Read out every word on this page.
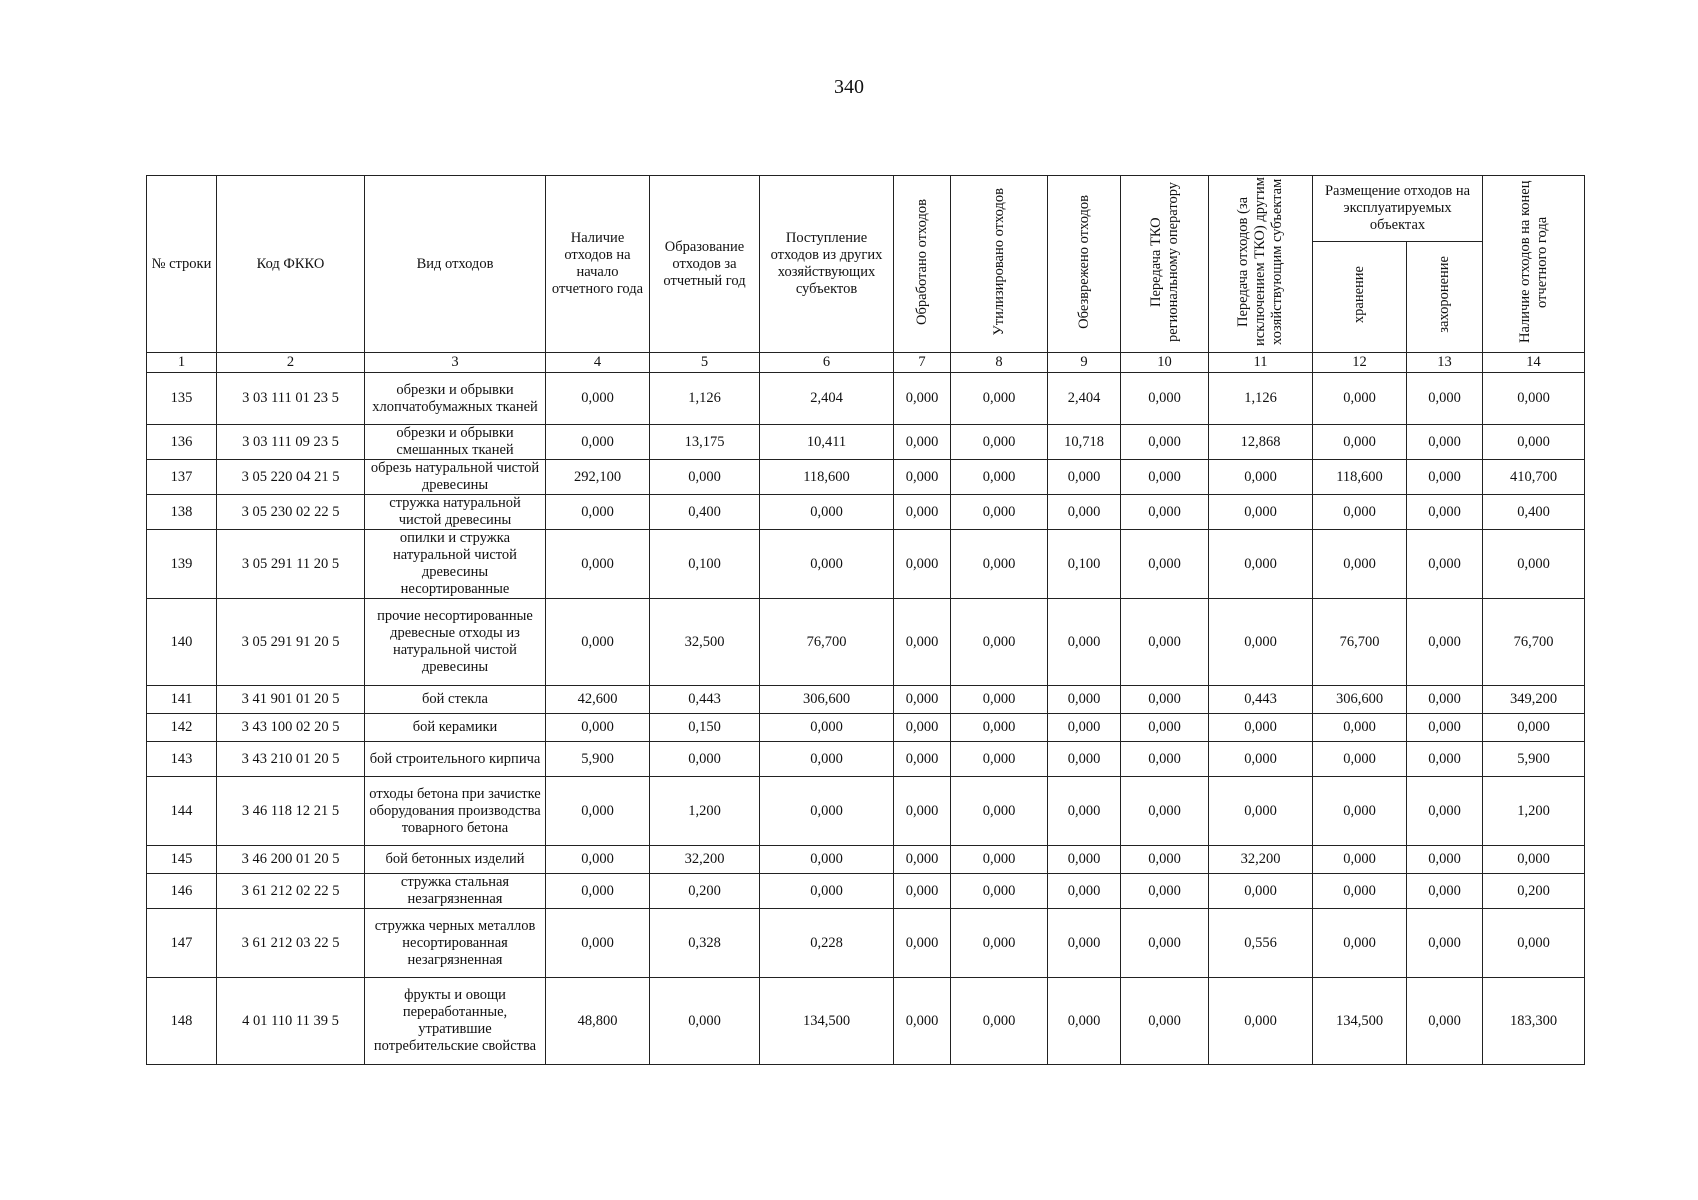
340
№ строки	Код ФККО	Вид отходов	Наличие отходов на начало отчетного года	Образование отходов за отчетный год	Поступление отходов из других хозяйствующих субъектов	Обработано отходов	Утилизировано отходов	Обезврежено отходов	Передача ТКО региональному оператору	Передача отходов (за исключением ТКО) другим хозяйствующим субъектам	Размещение отходов на эксплуатируемых объектах		Наличие отходов на конец отчетного года
											хранение	захоронение	
1	2	3	4	5	6	7	8	9	10	11	12	13	14
135	3 03 111 01 23 5	обрезки и обрывки хлопчатобумажных тканей	0,000	1,126	2,404	0,000	0,000	2,404	0,000	1,126	0,000	0,000	0,000
136	3 03 111 09 23 5	обрезки и обрывки смешанных тканей	0,000	13,175	10,411	0,000	0,000	10,718	0,000	12,868	0,000	0,000	0,000
137	3 05 220 04 21 5	обрезь натуральной чистой древесины	292,100	0,000	118,600	0,000	0,000	0,000	0,000	0,000	118,600	0,000	410,700
138	3 05 230 02 22 5	стружка натуральной чистой древесины	0,000	0,400	0,000	0,000	0,000	0,000	0,000	0,000	0,000	0,000	0,400
139	3 05 291 11 20 5	опилки и стружка натуральной чистой древесины несортированные	0,000	0,100	0,000	0,000	0,000	0,100	0,000	0,000	0,000	0,000	0,000
140	3 05 291 91 20 5	прочие несортированные древесные отходы из натуральной чистой древесины	0,000	32,500	76,700	0,000	0,000	0,000	0,000	0,000	76,700	0,000	76,700
141	3 41 901 01 20 5	бой стекла	42,600	0,443	306,600	0,000	0,000	0,000	0,000	0,443	306,600	0,000	349,200
142	3 43 100 02 20 5	бой керамики	0,000	0,150	0,000	0,000	0,000	0,000	0,000	0,000	0,000	0,000	0,000
143	3 43 210 01 20 5	бой строительного кирпича	5,900	0,000	0,000	0,000	0,000	0,000	0,000	0,000	0,000	0,000	5,900
144	3 46 118 12 21 5	отходы бетона при зачистке оборудования производства товарного бетона	0,000	1,200	0,000	0,000	0,000	0,000	0,000	0,000	0,000	0,000	1,200
145	3 46 200 01 20 5	бой бетонных изделий	0,000	32,200	0,000	0,000	0,000	0,000	0,000	32,200	0,000	0,000	0,000
146	3 61 212 02 22 5	стружка стальная незагрязненная	0,000	0,200	0,000	0,000	0,000	0,000	0,000	0,000	0,000	0,000	0,200
147	3 61 212 03 22 5	стружка черных металлов несортированная незагрязненная	0,000	0,328	0,228	0,000	0,000	0,000	0,000	0,556	0,000	0,000	0,000
148	4 01 110 11 39 5	фрукты и овощи переработанные, утратившие потребительские свойства	48,800	0,000	134,500	0,000	0,000	0,000	0,000	0,000	134,500	0,000	183,300
